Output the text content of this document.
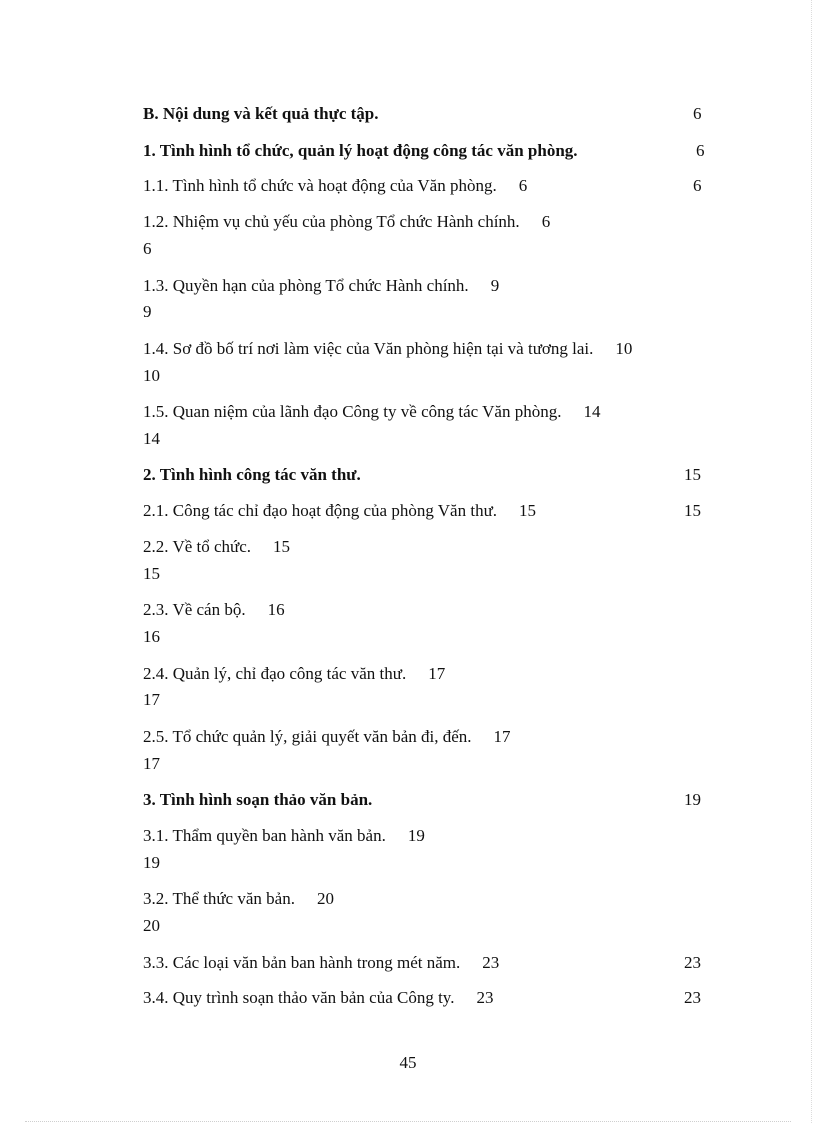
B. Nội dung và kết quả thực tập.	6
1. Tình hình tổ chức, quản lý hoạt động công tác văn phòng.	6
1.1. Tình hình tổ chức và hoạt động của Văn phòng. 6	6
1.2. Nhiệm vụ chủ yếu của phòng Tổ chức Hành chính. 6
6
1.3. Quyền hạn của phòng Tổ chức Hành chính. 9
9
1.4. Sơ đồ bố trí nơi làm việc của Văn phòng hiện tại và tương lai. 10
10
1.5. Quan niệm của lãnh đạo Công ty về công tác Văn phòng. 14
14
2. Tình hình công tác văn thư.	15
2.1. Công tác chỉ đạo hoạt động của phòng Văn thư. 15	15
2.2. Về tổ chức. 15
15
2.3. Về cán bộ. 16
16
2.4. Quản lý, chỉ đạo công tác văn thư. 17
17
2.5. Tổ chức quản lý, giải quyết văn bản đi, đến. 17
17
3. Tình hình soạn thảo văn bản.	19
3.1. Thẩm quyền ban hành văn bản. 19
19
3.2. Thể thức văn bản. 20
20
3.3. Các loại văn bản ban hành trong mét năm. 23	23
3.4. Quy trình soạn thảo văn bản của Công ty. 23	23
45
